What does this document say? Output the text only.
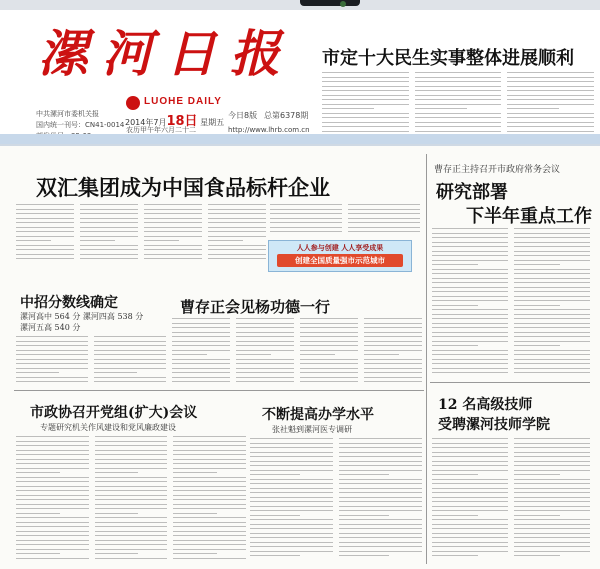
漯 河 日 报
LUOHE DAILY
中共漯河市委机关报
国内统一刊号：CN41-0014 2014年7月18日 星期五
农历甲午年六月二十二
今日8版 总第6378期
http://www.lhrb.com.cn
市定十大民生实事整体进展顺利
曹存正主持召开市政府常务会议
研究部署
下半年重点工作
双汇集团成为中国食品标杆企业
人人参与创建 人人享受成果
创建全国质量强市示范城市
中招分数线确定
漯河高中 564 分 漯河四高 538 分
漯河五高 540 分
曹存正会见杨功德一行
市政协召开党组(扩大)会议
专题研究机关作风建设和党风廉政建设
不断提高办学水平
张社魁到漯河医专调研
12 名高级技师
受聘漯河技师学院
